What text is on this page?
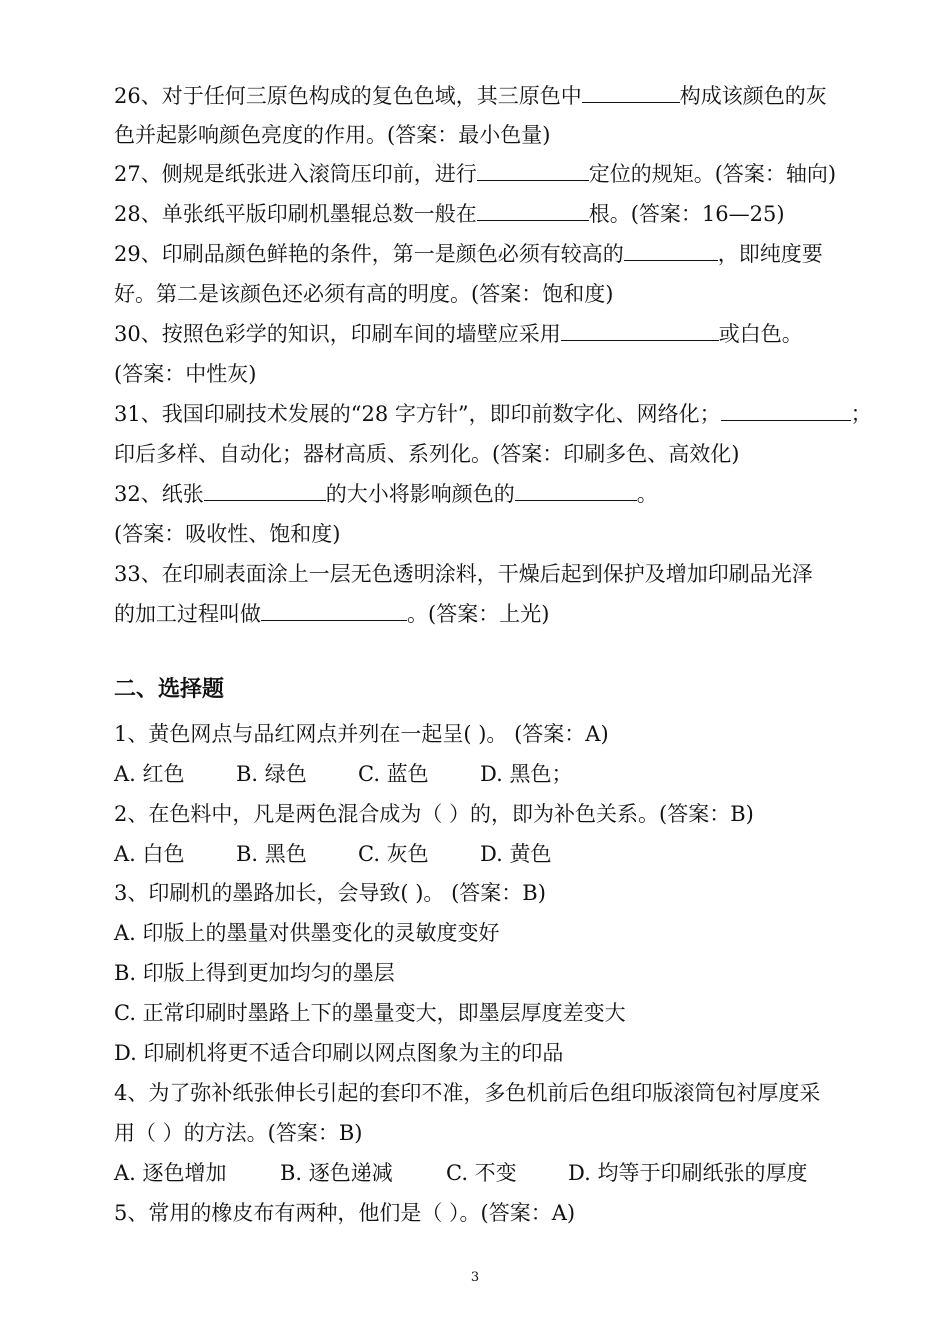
26、对于任何三原色构成的复色色域，其三原色中	构成该颜色的灰
色并起影响颜色亮度的作用。(答案：最小色量)
27、侧规是纸张进入滚筒压印前，进行	定位的规矩。(答案：轴向)
28、单张纸平版印刷机墨辊总数一般在	根。(答案：16—25)
29、印刷品颜色鲜艳的条件，第一是颜色必须有较高的	，即纯度要
好。第二是该颜色还必须有高的明度。(答案：饱和度)
30、按照色彩学的知识，印刷车间的墙壁应采用	或白色。
(答案：中性灰)
31、我国印刷技术发展的“28 字方针”，即印前数字化、网络化；	；
印后多样、自动化；器材高质、系列化。(答案：印刷多色、高效化)
32、纸张	的大小将影响颜色的	。
(答案：吸收性、饱和度)
33、在印刷表面涂上一层无色透明涂料，干燥后起到保护及增加印刷品光泽
的加工过程叫做	。(答案：上光)
二、选择题
1、黄色网点与品红网点并列在一起呈( )。 (答案：A)
A. 红色 B. 绿色 C. 蓝色 D. 黑色；
2、在色料中，凡是两色混合成为（ ）的，即为补色关系。(答案：B)
A. 白色 B. 黑色 C. 灰色 D. 黄色
3、印刷机的墨路加长，会导致( )。 (答案：B)
A. 印版上的墨量对供墨变化的灵敏度变好
B. 印版上得到更加均匀的墨层
C. 正常印刷时墨路上下的墨量变大，即墨层厚度差变大
D. 印刷机将更不适合印刷以网点图象为主的印品
4、为了弥补纸张伸长引起的套印不准，多色机前后色组印版滚筒包衬厚度采
用（ ）的方法。(答案：B)
A. 逐色增加	B. 逐色递减	C. 不变 D. 均等于印刷纸张的厚度
5、常用的橡皮布有两种，他们是（ ）。(答案：A)
3
